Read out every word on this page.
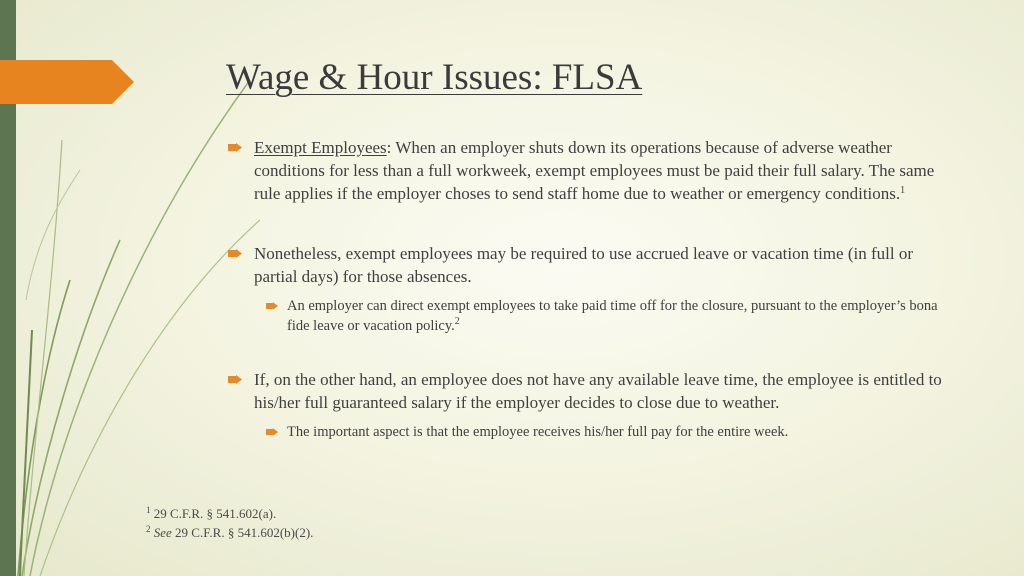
Wage & Hour Issues: FLSA
Exempt Employees: When an employer shuts down its operations because of adverse weather conditions for less than a full workweek, exempt employees must be paid their full salary. The same rule applies if the employer choses to send staff home due to weather or emergency conditions.$^1$
Nonetheless, exempt employees may be required to use accrued leave or vacation time (in full or partial days) for those absences.
An employer can direct exempt employees to take paid time off for the closure, pursuant to the employer’s bona fide leave or vacation policy.$^2$
If, on the other hand, an employee does not have any available leave time, the employee is entitled to his/her full guaranteed salary if the employer decides to close due to weather.
The important aspect is that the employee receives his/her full pay for the entire week.
$^1$ 29 C.F.R. § 541.602(a).
$^2$ See 29 C.F.R. § 541.602(b)(2).
